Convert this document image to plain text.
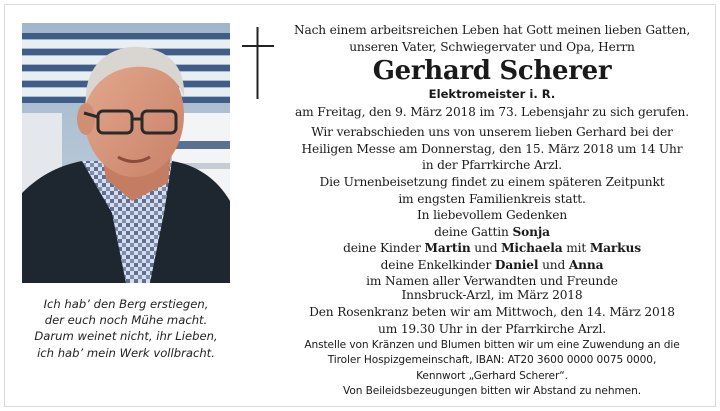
Ich hab’ den Berg erstiegen,
der euch noch Mühe macht.
Darum weinet nicht, ihr Lieben,
ich hab’ mein Werk vollbracht.
Nach einem arbeitsreichen Leben hat Gott meinen lieben Gatten,
unseren Vater, Schwiegervater und Opa, Herrn
Gerhard Scherer
Elektromeister i. R.
am Freitag, den 9. März 2018 im 73. Lebensjahr zu sich gerufen.
Wir verabschieden uns von unserem lieben Gerhard bei der
Heiligen Messe am Donnerstag, den 15. März 2018 um 14 Uhr
in der Pfarrkirche Arzl.
Die Urnenbeisetzung findet zu einem späteren Zeitpunkt
im engsten Familienkreis statt.
In liebevollem Gedenken
deine Gattin Sonja
deine Kinder Martin und Michaela mit Markus
deine Enkelkinder Daniel und Anna
im Namen aller Verwandten und Freunde
Innsbruck-Arzl, im März 2018
Den Rosenkranz beten wir am Mittwoch, den 14. März 2018
um 19.30 Uhr in der Pfarrkirche Arzl.
Anstelle von Kränzen und Blumen bitten wir um eine Zuwendung an die
Tiroler Hospizgemeinschaft, IBAN: AT20 3600 0000 0075 0000,
Kennwort „Gerhard Scherer“.
Von Beileidsbezeugungen bitten wir Abstand zu nehmen.
